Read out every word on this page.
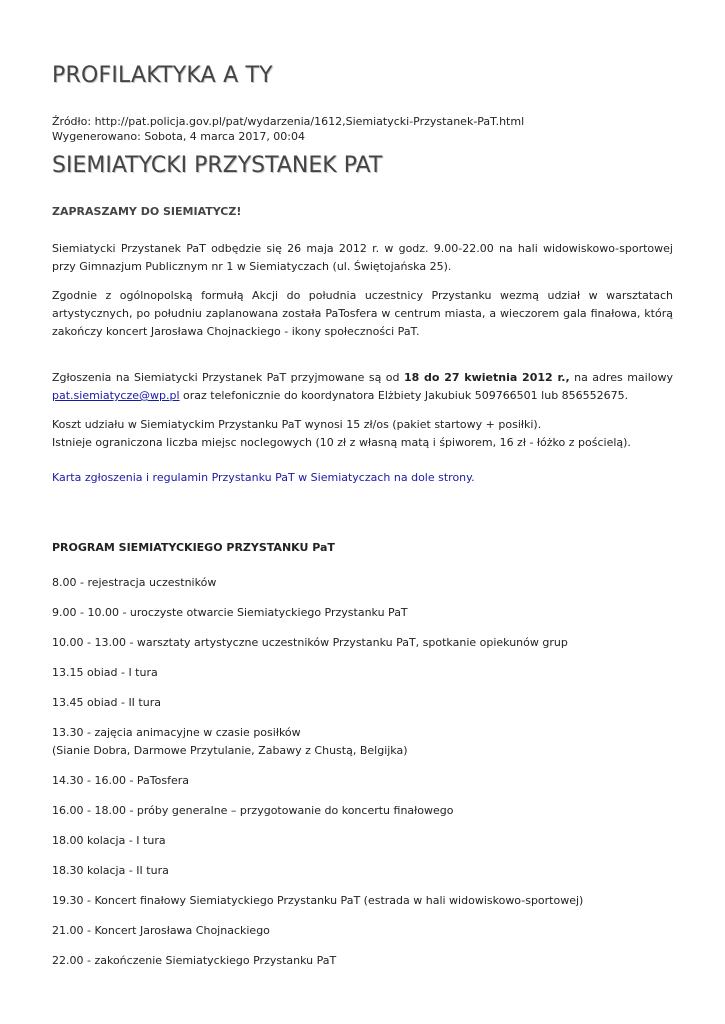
PROFILAKTYKA A TY
Źródło: http://pat.policja.gov.pl/pat/wydarzenia/1612,Siemiatycki-Przystanek-PaT.html
Wygenerowano: Sobota, 4 marca 2017, 00:04
SIEMIATYCKI PRZYSTANEK PAT
ZAPRASZAMY DO SIEMIATYCZ!
Siemiatycki Przystanek PaT odbędzie się 26 maja 2012 r. w godz. 9.00-22.00 na hali widowiskowo-sportowej przy Gimnazjum Publicznym nr 1 w Siemiatyczach (ul. Świętojańska 25).
Zgodnie z ogólnopolską formułą Akcji do południa uczestnicy Przystanku wezmą udział w warsztatach artystycznych, po południu zaplanowana została PaTosfera w centrum miasta, a wieczorem gala finałowa, którą zakończy koncert Jarosława Chojnackiego - ikony społeczności PaT.
Zgłoszenia na Siemiatycki Przystanek PaT przyjmowane są od 18 do 27 kwietnia 2012 r., na adres mailowy pat.siemiatycze@wp.pl oraz telefonicznie do koordynatora Elżbiety Jakubiuk 509766501 lub 856552675.
Koszt udziału w Siemiatyckim Przystanku PaT wynosi 15 zł/os (pakiet startowy + posiłki).
Istnieje ograniczona liczba miejsc noclegowych (10 zł z własną matą i śpiworem, 16 zł - łóżko z pościelą).
Karta zgłoszenia i regulamin Przystanku PaT w Siemiatyczach na dole strony.
PROGRAM SIEMIATYCKIEGO PRZYSTANKU PaT
8.00 - rejestracja uczestników
9.00 - 10.00 - uroczyste otwarcie Siemiatyckiego Przystanku PaT
10.00 - 13.00 - warsztaty artystyczne uczestników Przystanku PaT, spotkanie opiekunów grup
13.15 obiad - I tura
13.45 obiad - II tura
13.30 - zajęcia animacyjne w czasie posiłków
(Sianie Dobra, Darmowe Przytulanie, Zabawy z Chustą, Belgijka)
14.30 - 16.00 - PaTosfera
16.00 - 18.00 - próby generalne – przygotowanie do koncertu finałowego
18.00 kolacja - I tura
18.30 kolacja - II tura
19.30 - Koncert finałowy Siemiatyckiego Przystanku PaT (estrada w hali widowiskowo-sportowej)
21.00 - Koncert Jarosława Chojnackiego
22.00 - zakończenie Siemiatyckiego Przystanku PaT
